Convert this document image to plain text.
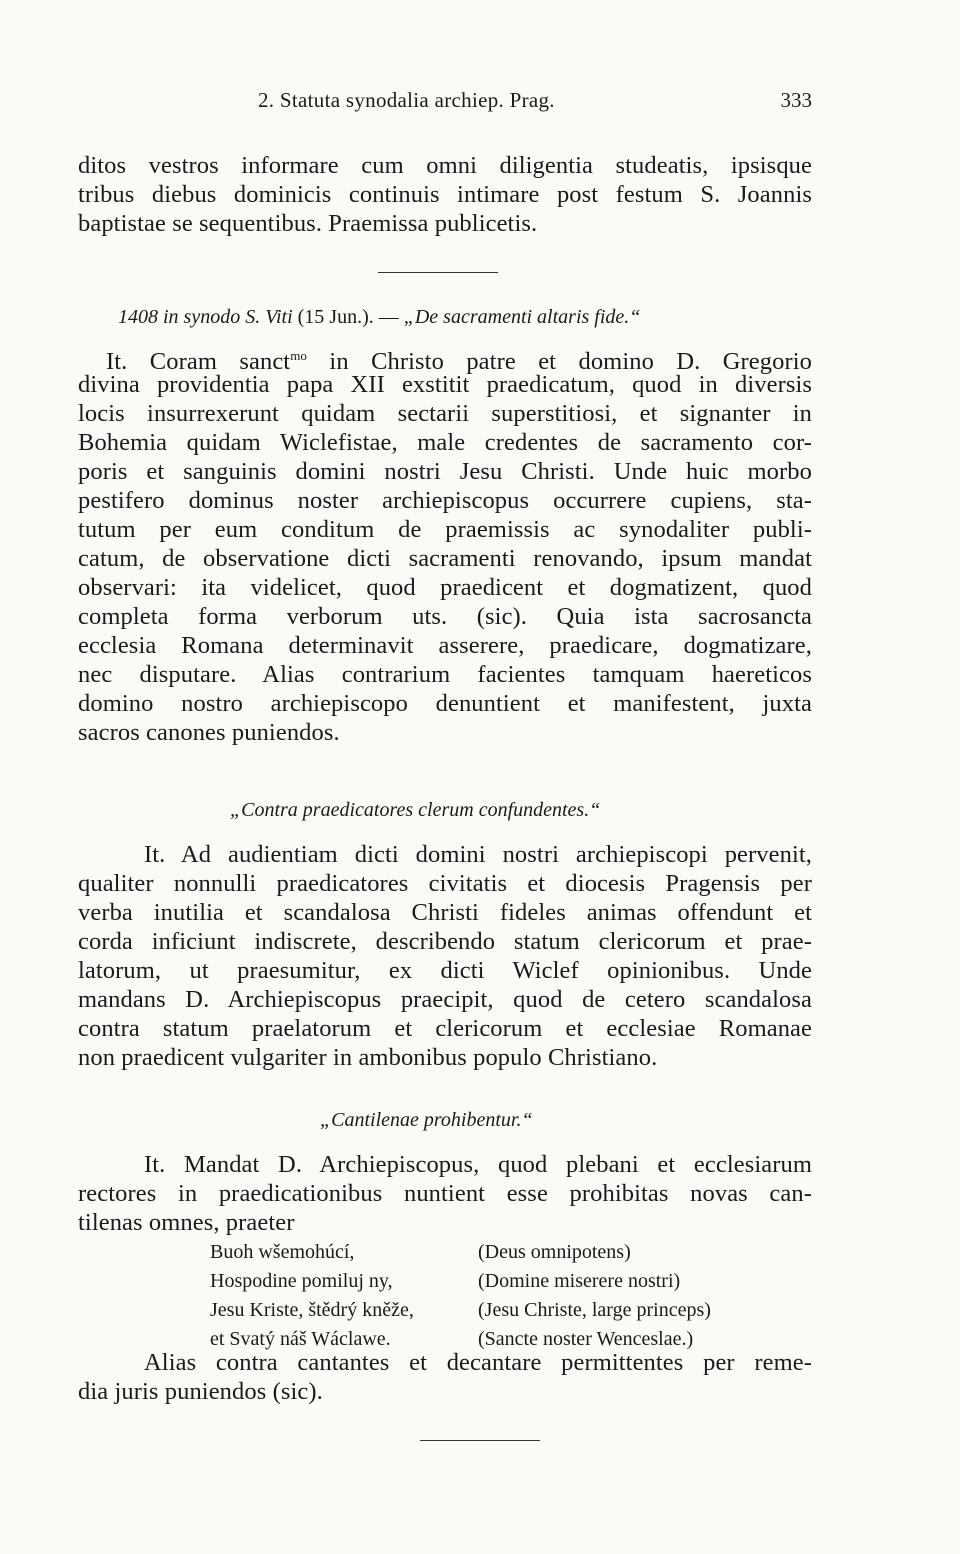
2. Statuta synodalia archiep. Prag.	333
ditos vestros informare cum omni diligentia studeatis, ipsisque
tribus diebus dominicis continuis intimare post festum S. Joannis
baptistae se sequentibus. Praemissa publicetis.
1408 in synodo S. Viti (15 Jun.). — „De sacramenti altaris fide.“
It. Coram sanct$^{mo}$ in Christo patre et domino D. Gregorio
divina providentia papa XII exstitit praedicatum, quod in diversis
locis insurrexerunt quidam sectarii superstitiosi, et signanter in
Bohemia quidam Wiclefistae, male credentes de sacramento cor-
poris et sanguinis domini nostri Jesu Christi. Unde huic morbo
pestifero dominus noster archiepiscopus occurrere cupiens, sta-
tutum per eum conditum de praemissis ac synodaliter publi-
catum, de observatione dicti sacramenti renovando, ipsum mandat
observari: ita videlicet, quod praedicent et dogmatizent, quod
completa forma verborum uts. (sic). Quia ista sacrosancta
ecclesia Romana determinavit asserere, praedicare, dogmatizare,
nec disputare. Alias contrarium facientes tamquam haereticos
domino nostro archiepiscopo denuntient et manifestent, juxta
sacros canones puniendos.
„Contra praedicatores clerum confundentes.“
It. Ad audientiam dicti domini nostri archiepiscopi pervenit,
qualiter nonnulli praedicatores civitatis et diocesis Pragensis per
verba inutilia et scandalosa Christi fideles animas offendunt et
corda inficiunt indiscrete, describendo statum clericorum et prae-
latorum, ut praesumitur, ex dicti Wiclef opinionibus. Unde
mandans D. Archiepiscopus praecipit, quod de cetero scandalosa
contra statum praelatorum et clericorum et ecclesiae Romanae
non praedicent vulgariter in ambonibus populo Christiano.
„Cantilenae prohibentur.“
It. Mandat D. Archiepiscopus, quod plebani et ecclesiarum
rectores in praedicationibus nuntient esse prohibitas novas can-
tilenas omnes, praeter
Buoh wšemohúcí,	(Deus omnipotens)
Hospodine pomiluj ny,	(Domine miserere nostri)
Jesu Kriste, štědrý kněže,	(Jesu Christe, large princeps)
et Svatý náš Wáclawe.	(Sancte noster Wenceslae.)
Alias contra cantantes et decantare permittentes per reme-
dia juris puniendos (sic).
